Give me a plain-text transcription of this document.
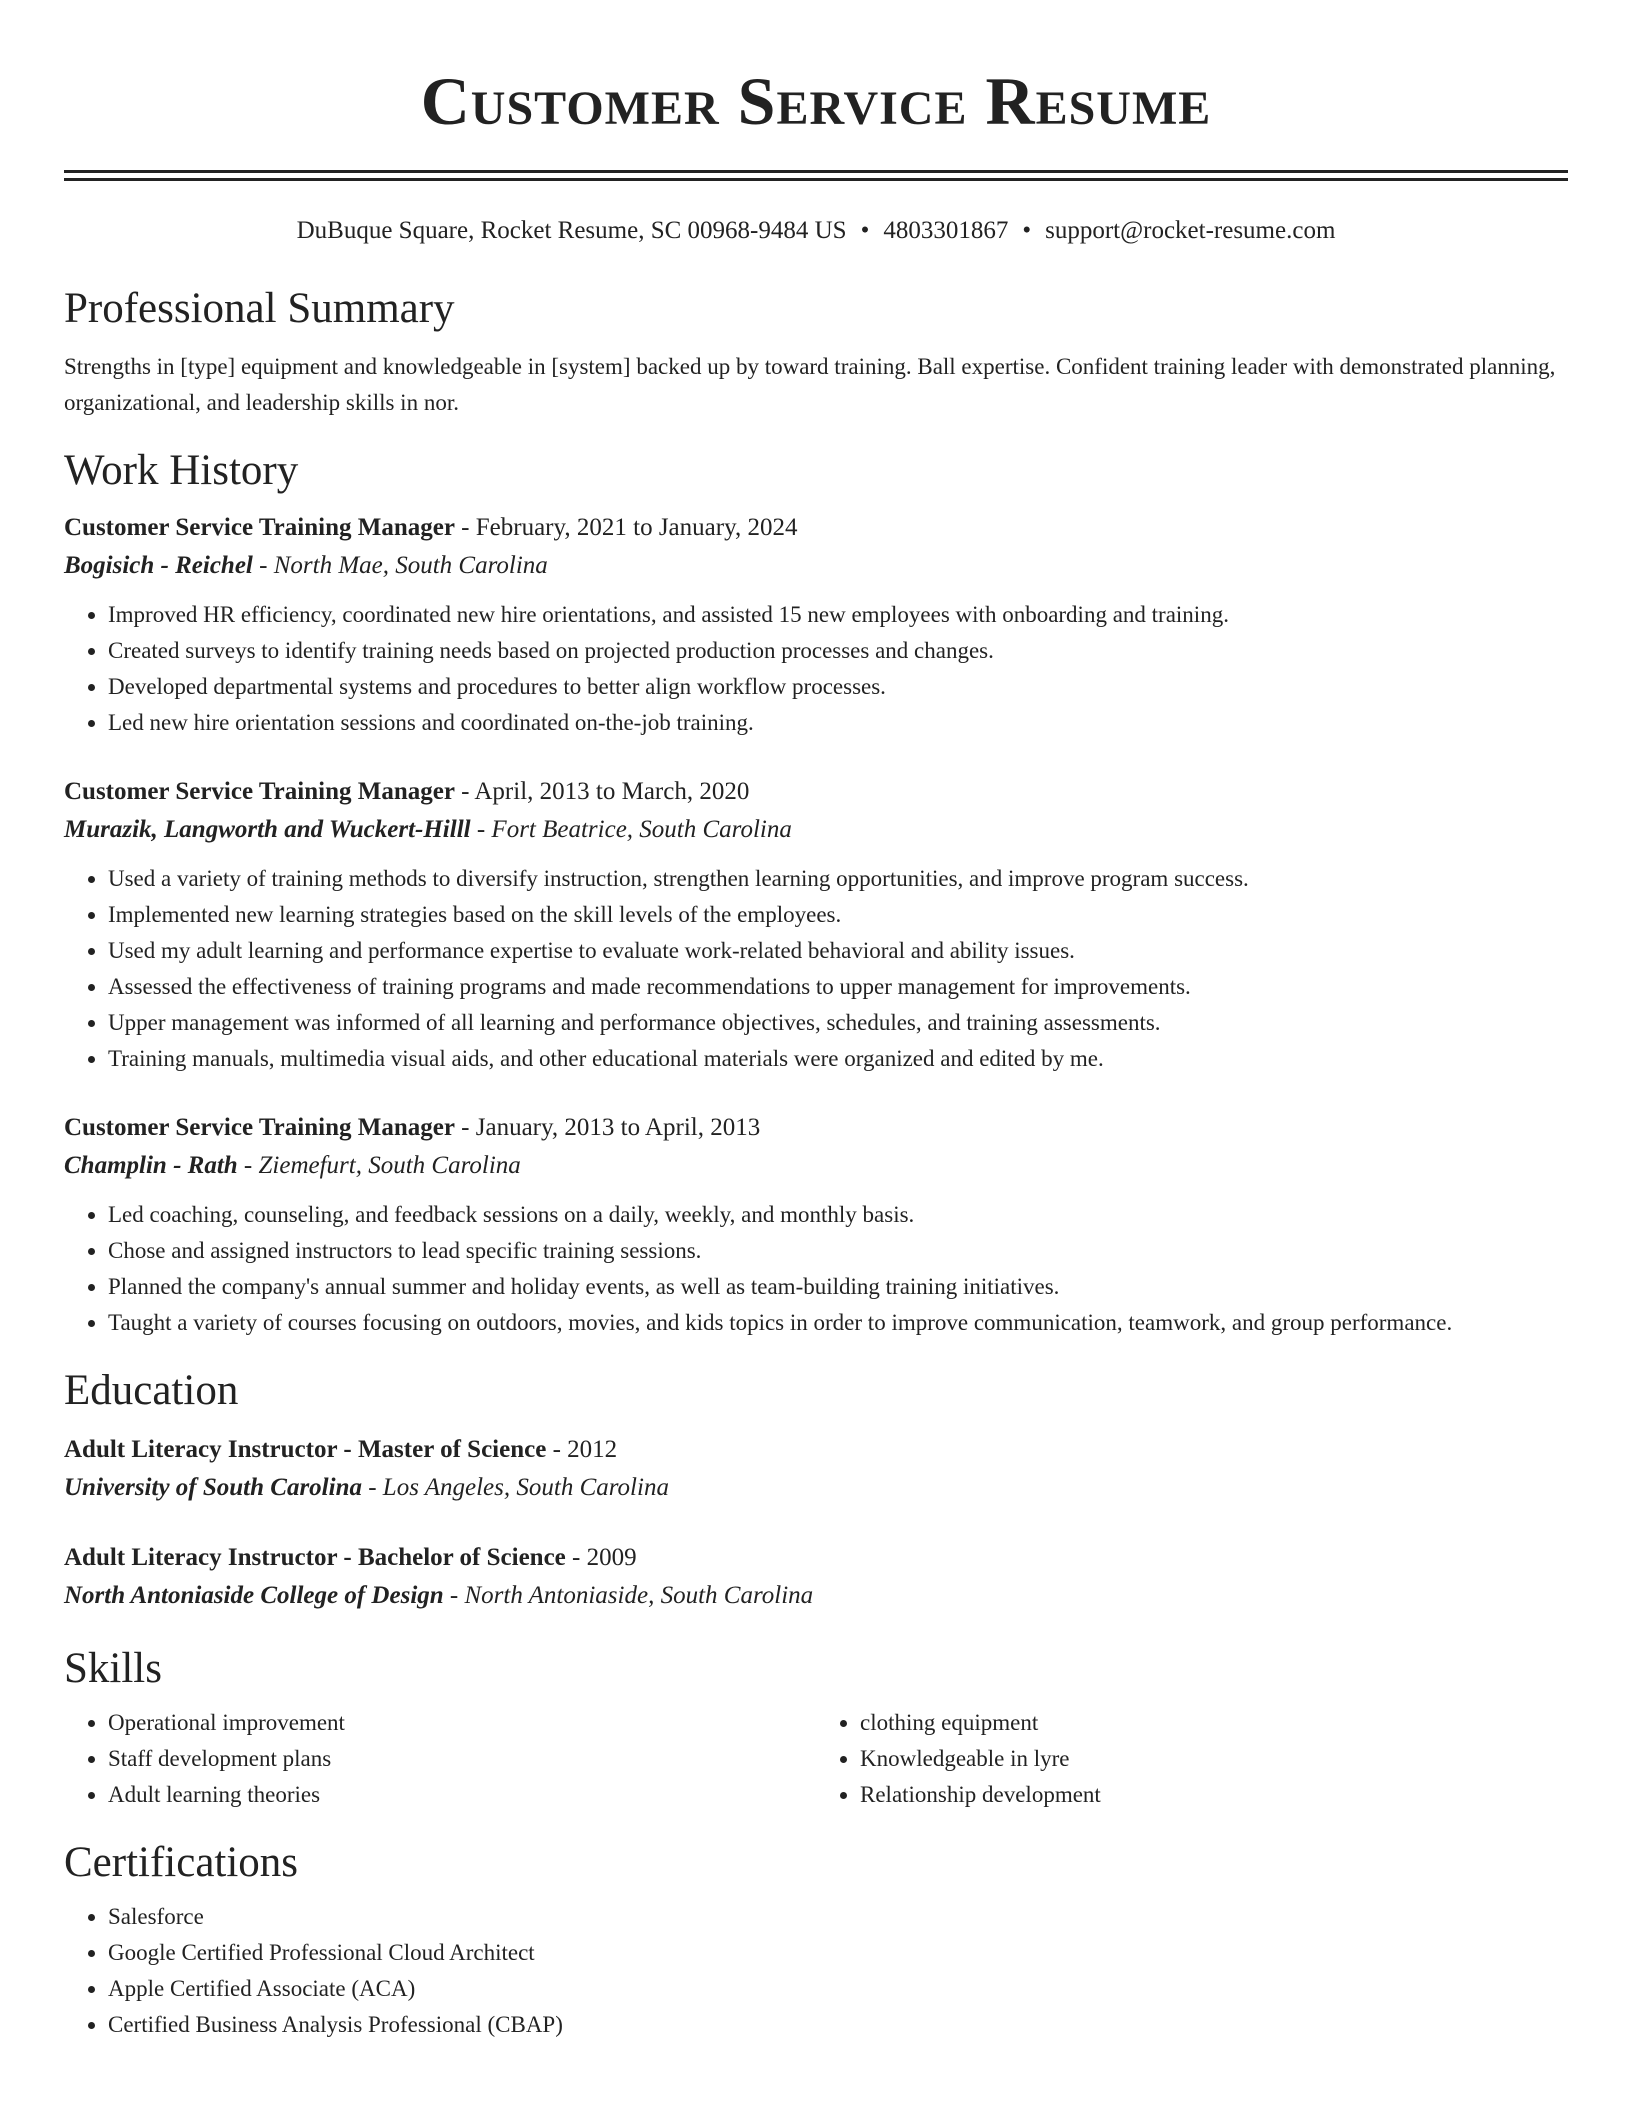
Customer Service Resume
DuBuque Square, Rocket Resume, SC 00968-9484 US • 4803301867 • support@rocket-resume.com
Professional Summary

Strengths in [type] equipment and knowledgeable in [system] backed up by toward training. Ball expertise. Confident training leader with demonstrated planning, organizational, and leadership skills in nor.

Work History
Customer Service Training Manager - February, 2021 to January, 2024
Bogisich - Reichel - North Mae, South Carolina
• Improved HR efficiency, coordinated new hire orientations, and assisted 15 new employees with onboarding and training.
• Created surveys to identify training needs based on projected production processes and changes.
• Developed departmental systems and procedures to better align workflow processes.
• Led new hire orientation sessions and coordinated on-the-job training.
Customer Service Training Manager - April, 2013 to March, 2020
Murazik, Langworth and Wuckert-Hilll - Fort Beatrice, South Carolina
• Used a variety of training methods to diversify instruction, strengthen learning opportunities, and improve program success.
• Implemented new learning strategies based on the skill levels of the employees.
• Used my adult learning and performance expertise to evaluate work-related behavioral and ability issues.
• Assessed the effectiveness of training programs and made recommendations to upper management for improvements.
• Upper management was informed of all learning and performance objectives, schedules, and training assessments.
• Training manuals, multimedia visual aids, and other educational materials were organized and edited by me.
Customer Service Training Manager - January, 2013 to April, 2013
Champlin - Rath - Ziemefurt, South Carolina
• Led coaching, counseling, and feedback sessions on a daily, weekly, and monthly basis.
• Chose and assigned instructors to lead specific training sessions.
• Planned the company's annual summer and holiday events, as well as team-building training initiatives.
• Taught a variety of courses focusing on outdoors, movies, and kids topics in order to improve communication, teamwork, and group performance.
Education
Adult Literacy Instructor - Master of Science - 2012
University of South Carolina - Los Angeles, South Carolina
Adult Literacy Instructor - Bachelor of Science - 2009
North Antoniaside College of Design - North Antoniaside, South Carolina
Skills
• Operational improvement
• Staff development plans
• Adult learning theories
• clothing equipment
• Knowledgeable in lyre
• Relationship development
Certifications
• Salesforce
• Google Certified Professional Cloud Architect
• Apple Certified Associate (ACA)
• Certified Business Analysis Professional (CBAP)
